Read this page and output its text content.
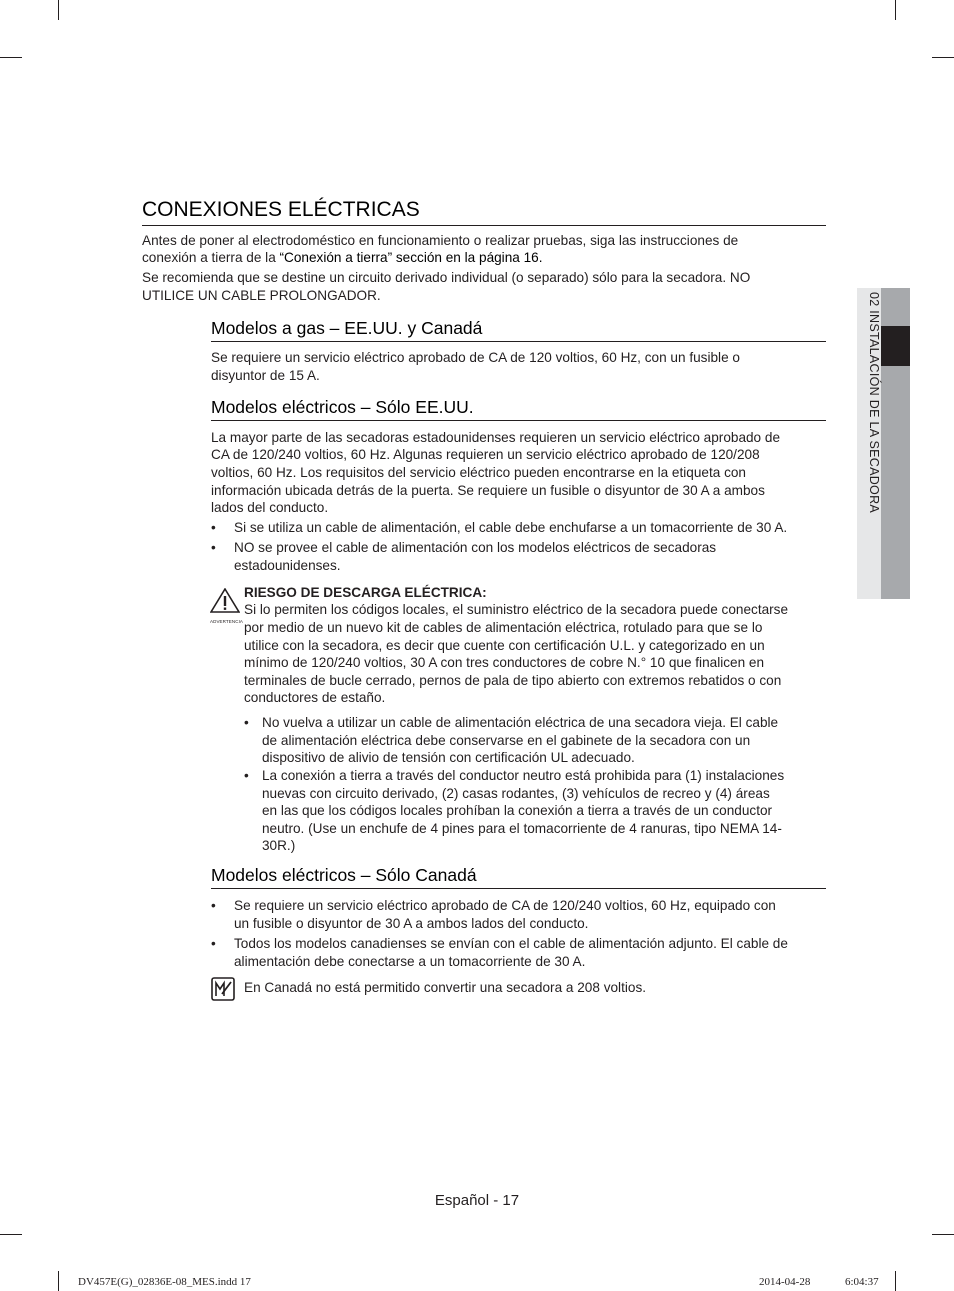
CONEXIONES ELÉCTRICAS
Antes de poner al electrodoméstico en funcionamiento o realizar pruebas, siga las instrucciones de
conexión a tierra de la “Conexión a tierra” sección en la página 16.
Se recomienda que se destine un circuito derivado individual (o separado) sólo para la secadora. NO
UTILICE UN CABLE PROLONGADOR.
Modelos a gas – EE.UU. y Canadá
Se requiere un servicio eléctrico aprobado de CA de 120 voltios, 60 Hz, con un fusible o
disyuntor de 15 A.
Modelos eléctricos – Sólo EE.UU.
La mayor parte de las secadoras estadounidenses requieren un servicio eléctrico aprobado de
CA de 120/240 voltios, 60 Hz. Algunas requieren un servicio eléctrico aprobado de 120/208
voltios, 60 Hz. Los requisitos del servicio eléctrico pueden encontrarse en la etiqueta con
información ubicada detrás de la puerta. Se requiere un fusible o disyuntor de 30 A a ambos
lados del conducto.
• Si se utiliza un cable de alimentación, el cable debe enchufarse a un tomacorriente de 30 A.
• NO se provee el cable de alimentación con los modelos eléctricos de secadoras
estadounidenses.
ADVERTENCIA
RIESGO DE DESCARGA ELÉCTRICA:
Si lo permiten los códigos locales, el suministro eléctrico de la secadora puede conectarse
por medio de un nuevo kit de cables de alimentación eléctrica, rotulado para que se lo
utilice con la secadora, es decir que cuente con certificación U.L. y categorizado en un
mínimo de 120/240 voltios, 30 A con tres conductores de cobre N.° 10 que finalicen en
terminales de bucle cerrado, pernos de pala de tipo abierto con extremos rebatidos o con
conductores de estaño.
• No vuelva a utilizar un cable de alimentación eléctrica de una secadora vieja. El cable
de alimentación eléctrica debe conservarse en el gabinete de la secadora con un
dispositivo de alivio de tensión con certificación UL adecuado.
• La conexión a tierra a través del conductor neutro está prohibida para (1) instalaciones
nuevas con circuito derivado, (2) casas rodantes, (3) vehículos de recreo y (4) áreas
en las que los códigos locales prohíban la conexión a tierra a través de un conductor
neutro. (Use un enchufe de 4 pines para el tomacorriente de 4 ranuras, tipo NEMA 14-
30R.)
Modelos eléctricos – Sólo Canadá
• Se requiere un servicio eléctrico aprobado de CA de 120/240 voltios, 60 Hz, equipado con
un fusible o disyuntor de 30 A a ambos lados del conducto.
• Todos los modelos canadienses se envían con el cable de alimentación adjunto. El cable de
alimentación debe conectarse a un tomacorriente de 30 A.
En Canadá no está permitido convertir una secadora a 208 voltios.
02 INSTALACIÓN DE LA SECADORA
Español - 17
DV457E(G)_02836E-08_MES.indd 17	2014-04-28	6:04:37
